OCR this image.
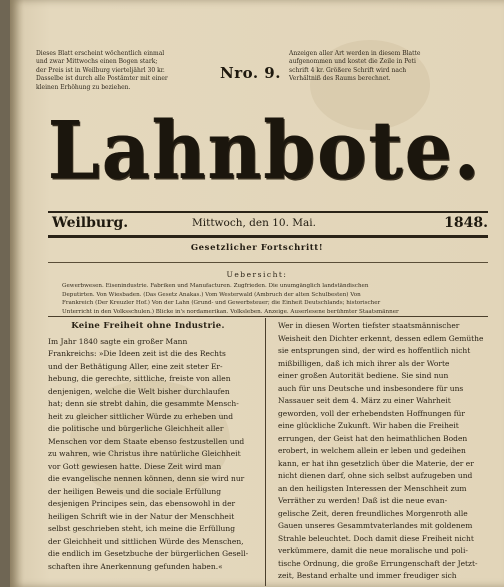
Dieses Blatt erscheint wöchentlich einmal
und zwar Mittwochs einen Bogen stark;
der Preis ist in Weilburg vierteljährl 30 kr.
Dasselbe ist durch alle Postämter mit einer
kleinen Erhöhung zu beziehen.
Nro. 9.
Anzeigen aller Art werden in diesem Blatte
aufgenommen und kostet die Zeile in Peti
schrift 4 kr. Größere Schrift wird nach
Verhältniß des Raums berechnet.
Lahnbote.
Weilburg.	Mittwoch, den 10. Mai.	1848.
Gesetzlicher Fortschritt!
Uebersicht:
Gewerbwesen. Eisenindustrie. Fabriken und Manufacturen. Zugfrieden. Die unumgänglich landständischen
Deputirten. Von Wiesbaden. (Das Gesetz Anakas.) Vom Westerwald (Ambruch der alten Schulbesten) Von
Frankreich (Der Kreuzler Hof.) Von der Lahn (Grund- und Gewerbsteuer; die Einheit Deutschlands; historischer
Unterricht in den Volksschulen.) Blicke in's nordamerikan. Volksleben. Anzeige. Auserlesene berühmter Staatsmänner
Keine Freiheit ohne Industrie.
Im Jahr 1840 sagte ein großer Mann
Frankreichs: »Die Ideen zeit ist die des Rechts
und der Bethätigung Aller, eine zeit steter Er-
hebung, die gerechte, sittliche, freiste von allen
denjenigen, welche die Welt bisher durchlaufen
hat; denn sie strebt dahin, die gesammte Mensch-
heit zu gleicher sittlicher Würde zu erheben und
die politische und bürgerliche Gleichheit aller
Menschen vor dem Staate ebenso festzustellen und
zu wahren, wie Christus ihre natürliche Gleichheit
vor Gott gewiesen hatte. Diese Zeit wird man
die evangelische nennen können, denn sie wird nur
der heiligen Beweis und die sociale Erfüllung
desjenigen Principes sein, das ebensowohl in der
heiligen Schrift wie in der Natur der Menschheit
selbst geschrieben steht, ich meine die Erfüllung
der Gleichheit und sittlichen Würde des Menschen,
die endlich im Gesetzbuche der bürgerlichen Gesell-
schaften ihre Anerkennung gefunden haben.«
Wer in diesen Worten tiefster staatsmännischer
Weisheit den Dichter erkennt, dessen edlem Gemüthe
sie entsprungen sind, der wird es hoffentlich nicht
mißbilligen, daß ich mich ihrer als der Worte
einer großen Autorität bediene. Sie sind nun
auch für uns Deutsche und insbesondere für uns
Nassauer seit dem 4. März zu einer Wahrheit
geworden, voll der erhebendsten Hoffnungen für
eine glückliche Zukunft. Wir haben die Freiheit
errungen, der Geist hat den heimathlichen Boden
erobert, in welchem allein er leben und gedeihen
kann, er hat ihn gesetzlich über die Materie, der er
nicht dienen darf, ohne sich selbst aufzugeben und
an den heiligsten Interessen der Menschheit zum
Verräther zu werden! Daß ist die neue evan-
gelische Zeit, deren freundliches Morgenroth alle
Gauen unseres Gesammtvaterlandes mit goldenem
Strahle beleuchtet. Doch damit diese Freiheit nicht
verkümmere, damit die neue moralische und poli-
tische Ordnung, die große Errungenschaft der Jetzt-
zeit, Bestand erhalte und immer freudiger sich
